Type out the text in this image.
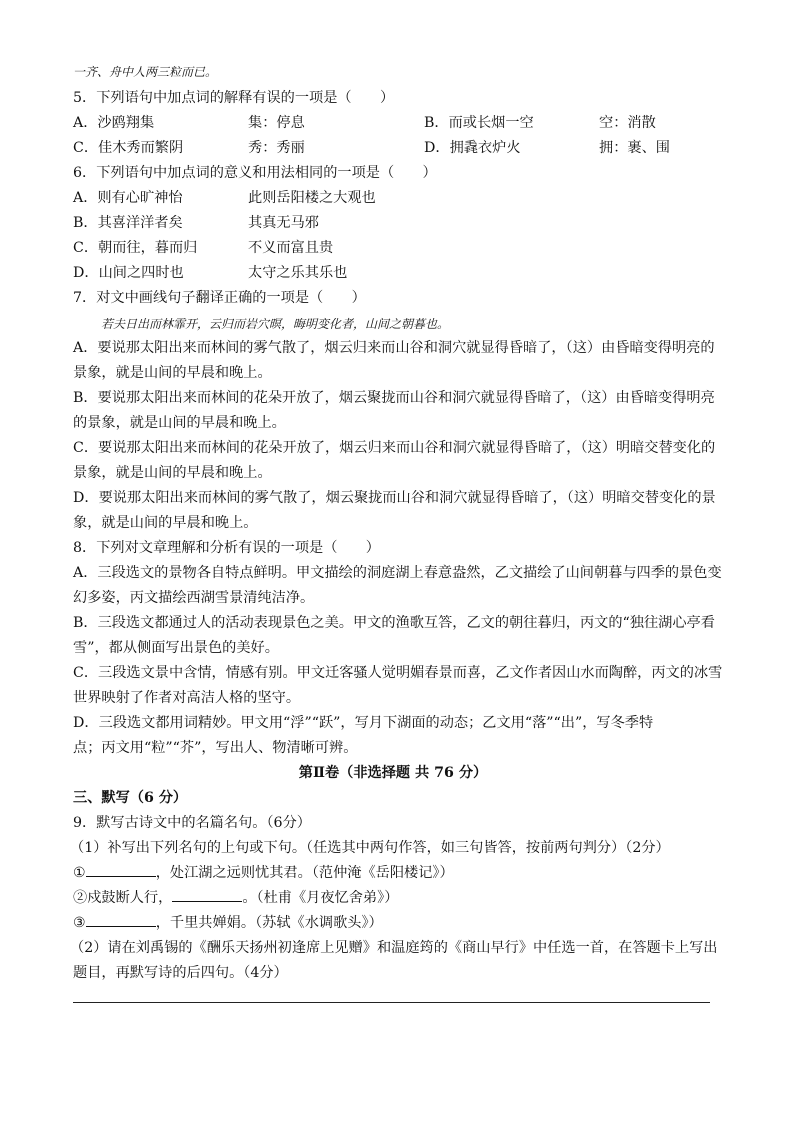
一齐、舟中人两三粒而已。
5．下列语句中加点词的解释有误的一项是（　　）
A．沙鸥翔集	集：停息	B．而或长烟一空	空：消散
C．佳木秀而繁阴	秀：秀丽	D．拥毳衣炉火	拥：裹、围
6．下列语句中加点词的意义和用法相同的一项是（　　）
A．则有心旷神怡	此则岳阳楼之大观也
B．其喜洋洋者矣	其真无马邪
C．朝而往，暮而归	不义而富且贵
D．山间之四时也	太守之乐其乐也
7．对文中画线句子翻译正确的一项是（　　）
若夫日出而林霏开，云归而岩穴暝，晦明变化者，山间之朝暮也。
A．要说那太阳出来而林间的雾气散了，烟云归来而山谷和洞穴就显得昏暗了，（这）由昏暗变得明亮的
景象，就是山间的早晨和晚上。
B．要说那太阳出来而林间的花朵开放了，烟云聚拢而山谷和洞穴就显得昏暗了，（这）由昏暗变得明亮
的景象，就是山间的早晨和晚上。
C．要说那太阳出来而林间的花朵开放了，烟云归来而山谷和洞穴就显得昏暗了，（这）明暗交替变化的
景象，就是山间的早晨和晚上。
D．要说那太阳出来而林间的雾气散了，烟云聚拢而山谷和洞穴就显得昏暗了，（这）明暗交替变化的景
象，就是山间的早晨和晚上。
8．下列对文章理解和分析有误的一项是（　　）
A．三段选文的景物各自特点鲜明。甲文描绘的洞庭湖上春意盎然，乙文描绘了山间朝暮与四季的景色变
幻多姿，丙文描绘西湖雪景清纯洁净。
B．三段选文都通过人的活动表现景色之美。甲文的渔歌互答，乙文的朝往暮归，丙文的“独往湖心亭看
雪”，都从侧面写出景色的美好。
C．三段选文景中含情，情感有别。甲文迁客骚人觉明媚春景而喜，乙文作者因山水而陶醉，丙文的冰雪
世界映射了作者对高洁人格的坚守。
D．三段选文都用词精妙。甲文用“浮”“跃”，写月下湖面的动态；乙文用“落”“出”，写冬季特
点；丙文用“粒”“芥”，写出人、物清晰可辨。
第Ⅱ卷（非选择题 共 76 分）
三、默写（6 分）
9．默写古诗文中的名篇名句。（6分）
（1）补写出下列名句的上句或下句。（任选其中两句作答，如三句皆答，按前两句判分）（2分）
①	，处江湖之远则忧其君。（范仲淹《岳阳楼记》）
②戍鼓断人行，	。（杜甫《月夜忆舍弟》）
③	，千里共婵娟。（苏轼《水调歌头》）
（2）请在刘禹锡的《酬乐天扬州初逢席上见赠》和温庭筠的《商山早行》中任选一首，在答题卡上写出
题目，再默写诗的后四句。（4分）
